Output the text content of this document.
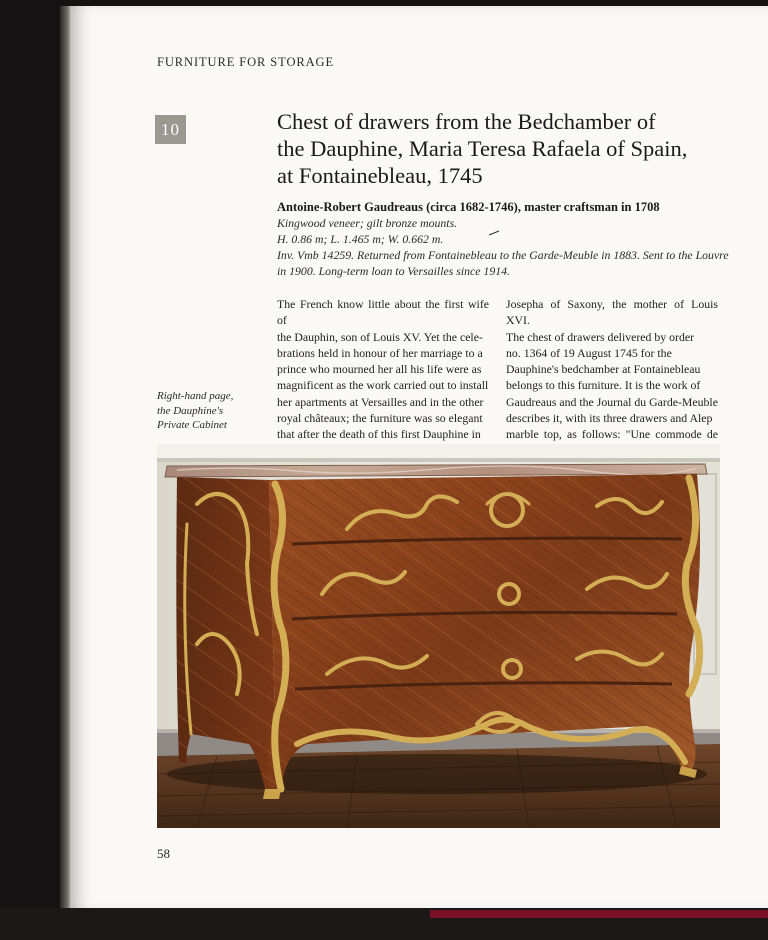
FURNITURE FOR STORAGE
10	Chest of drawers from the Bedchamber of
the Dauphine, Maria Teresa Rafaela of Spain,
at Fontainebleau, 1745
Antoine-Robert Gaudreaus (circa 1682-1746), master craftsman in 1708
Kingwood veneer; gilt bronze mounts.
H. 0.86 m; L. 1.465 m; W. 0.662 m.
Inv. Vmb 14259. Returned from Fontainebleau to the Garde-Meuble in 1883. Sent to the Louvre
in 1900. Long-term loan to Versailles since 1914.
The French know little about the first wife of
the Dauphin, son of Louis XV. Yet the cele-
brations held in honour of her marriage to a
prince who mourned her all his life were as
magnificent as the work carried out to install
her apartments at Versailles and in the other
royal châteaux; the furniture was so elegant
that after the death of this first Dauphine in
Josepha of Saxony, the mother of Louis XVI.
The chest of drawers delivered by order
no. 1364 of 19 August 1745 for the
Dauphine's bedchamber at Fontainebleau
belongs to this furniture. It is the work of
Gaudreaus and the Journal du Garde-Meuble
describes it, with its three drawers and Alep
marble top, as follows: "Une commode de
Right-hand page,
the Dauphine's
Private Cabinet
58
